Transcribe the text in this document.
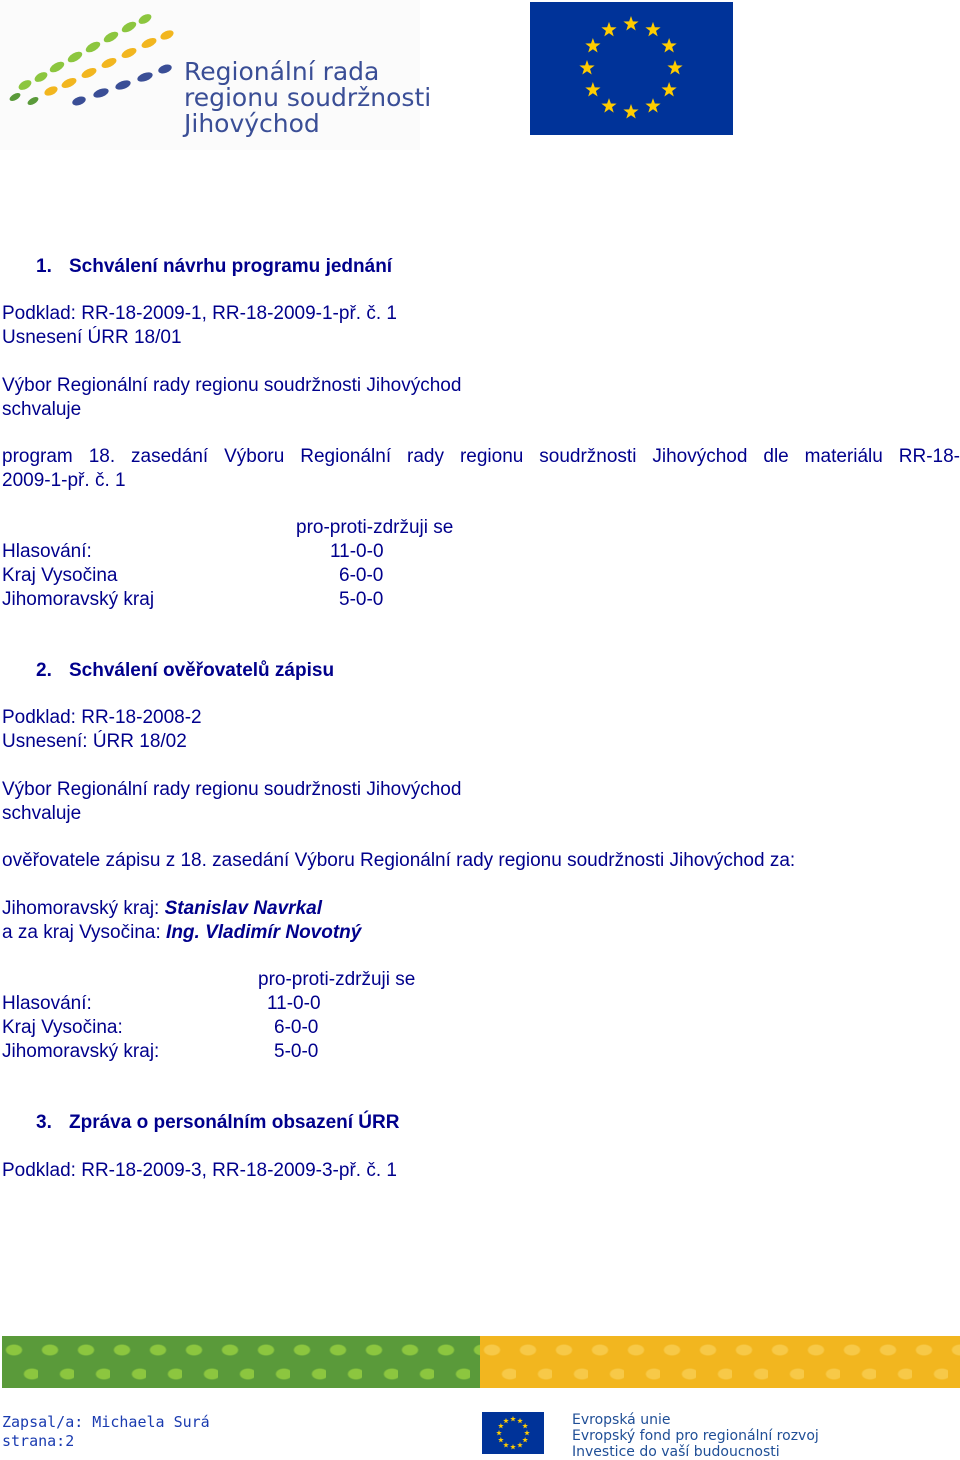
Regionální rada
regionu soudržnosti
Jihovýchod
1. Schválení návrhu programu jednání
Podklad: RR-18-2009-1, RR-18-2009-1-př. č. 1
Usnesení ÚRR 18/01
Výbor Regionální rady regionu soudržnosti Jihovýchod
schvaluje
program 18. zasedání Výboru Regionální rady regionu soudržnosti Jihovýchod dle materiálu RR-18-
2009-1-př. č. 1
pro-proti-zdržuji se
Hlasování:	11-0-0
Kraj Vysočina	6-0-0
Jihomoravský kraj	5-0-0
2. Schválení ověřovatelů zápisu
Podklad: RR-18-2008-2
Usnesení: ÚRR 18/02
Výbor Regionální rady regionu soudržnosti Jihovýchod
schvaluje
ověřovatele zápisu z 18. zasedání Výboru Regionální rady regionu soudržnosti Jihovýchod za:
Jihomoravský kraj: Stanislav Navrkal
a za kraj Vysočina: Ing. Vladimír Novotný
pro-proti-zdržuji se
Hlasování:	11-0-0
Kraj Vysočina:	6-0-0
Jihomoravský kraj:	5-0-0
3. Zpráva o personálním obsazení ÚRR
Podklad: RR-18-2009-3, RR-18-2009-3-př. č. 1
Zapsal/a: Michaela Surá
strana:2
Evropská unie
Evropský fond pro regionální rozvoj
Investice do vaší budoucnosti
